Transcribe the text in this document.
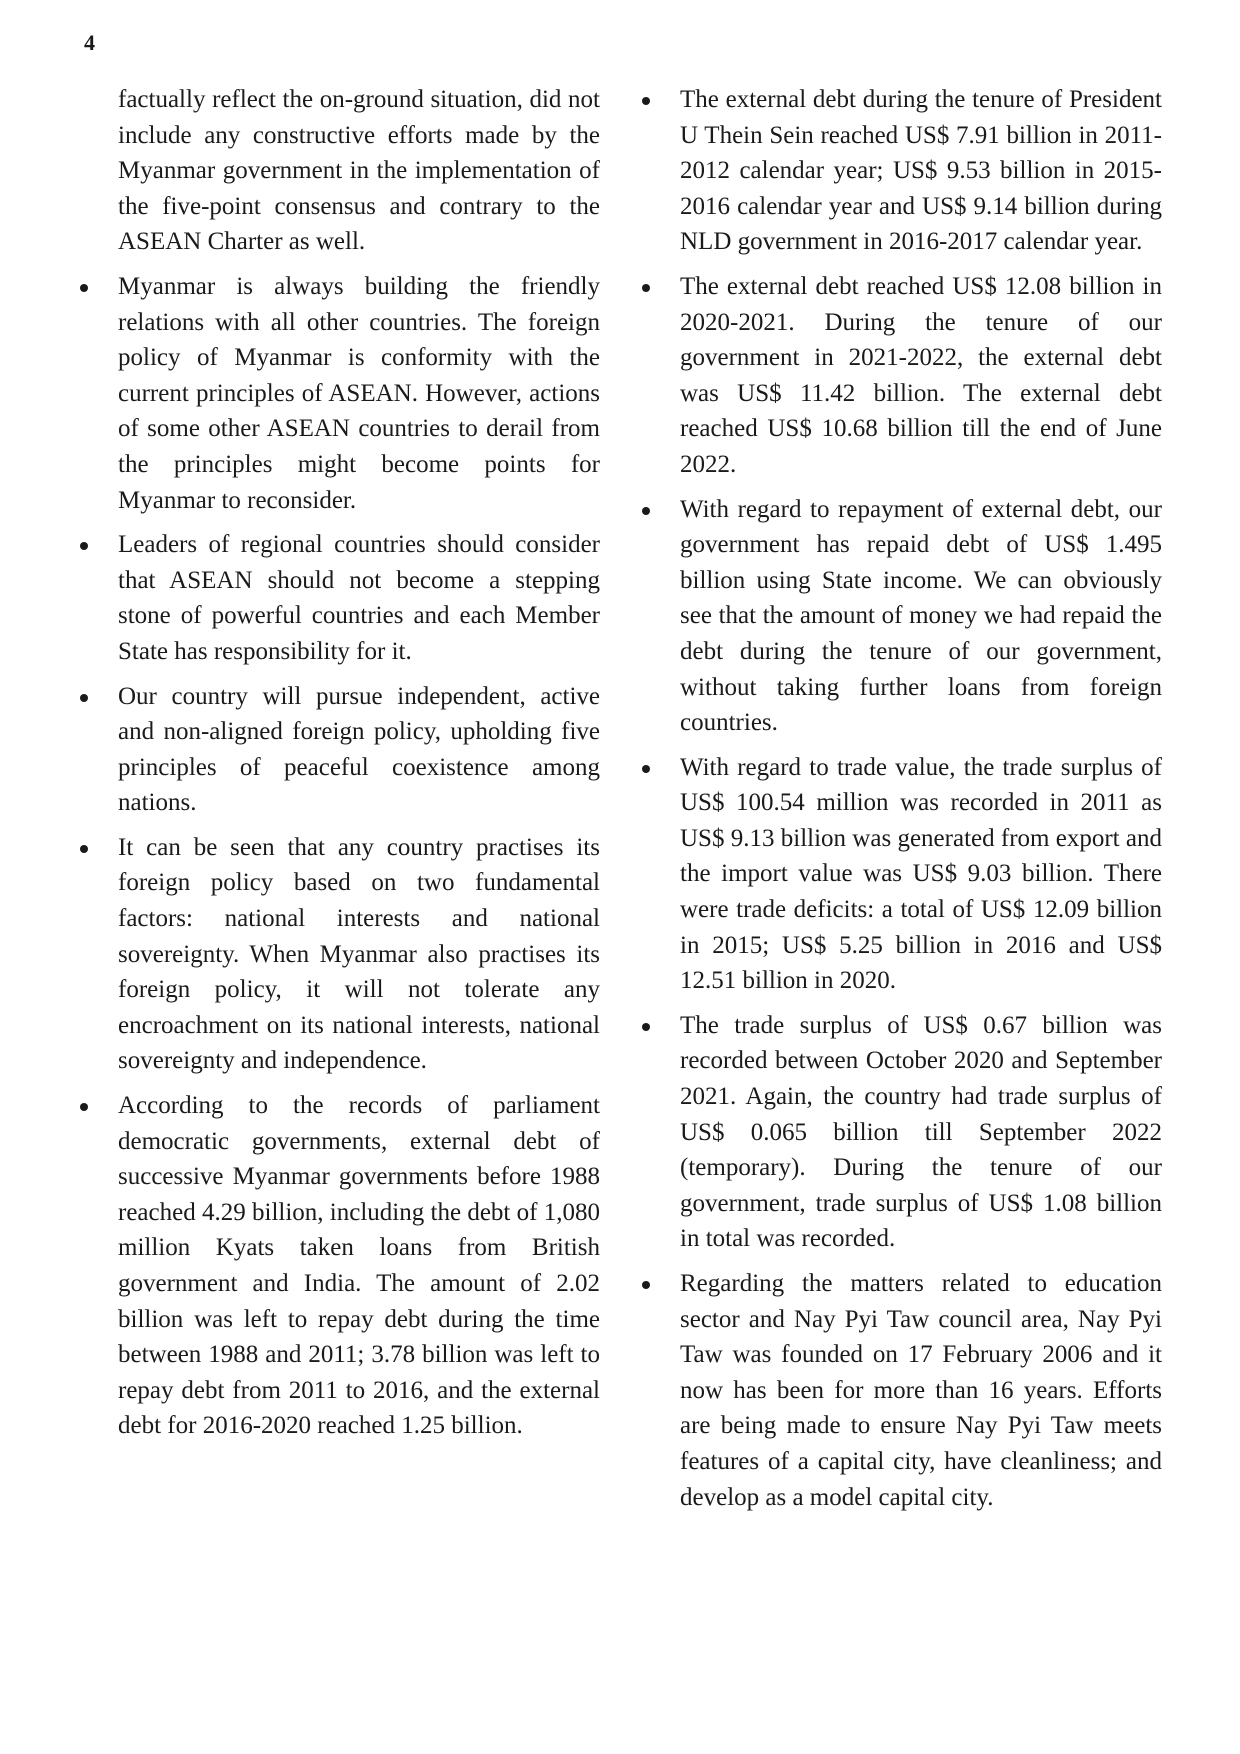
4

factually reflect the on-ground situation, did not include any constructive efforts made by the Myanmar government in the implementation of the five-point consensus and contrary to the ASEAN Charter as well.

Myanmar is always building the friendly relations with all other countries. The foreign policy of Myanmar is conformity with the current principles of ASEAN. However, actions of some other ASEAN countries to derail from the principles might become points for Myanmar to reconsider.

Leaders of regional countries should consider that ASEAN should not become a stepping stone of powerful countries and each Member State has responsibility for it.

Our country will pursue independent, active and non-aligned foreign policy, upholding five principles of peaceful coexistence among nations.

It can be seen that any country practises its foreign policy based on two fundamental factors: national interests and national sovereignty. When Myanmar also practises its foreign policy, it will not tolerate any encroachment on its national interests, national sovereignty and independence.

According to the records of parliament democratic governments, external debt of successive Myanmar governments before 1988 reached 4.29 billion, including the debt of 1,080 million Kyats taken loans from British government and India. The amount of 2.02 billion was left to repay debt during the time between 1988 and 2011; 3.78 billion was left to repay debt from 2011 to 2016, and the external debt for 2016-2020 reached 1.25 billion.

The external debt during the tenure of President U Thein Sein reached US$ 7.91 billion in 2011-2012 calendar year; US$ 9.53 billion in 2015-2016 calendar year and US$ 9.14 billion during NLD government in 2016-2017 calendar year.

The external debt reached US$ 12.08 billion in 2020-2021. During the tenure of our government in 2021-2022, the external debt was US$ 11.42 billion. The external debt reached US$ 10.68 billion till the end of June 2022.

With regard to repayment of external debt, our government has repaid debt of US$ 1.495 billion using State income. We can obviously see that the amount of money we had repaid the debt during the tenure of our government, without taking further loans from foreign countries.

With regard to trade value, the trade surplus of US$ 100.54 million was recorded in 2011 as US$ 9.13 billion was generated from export and the import value was US$ 9.03 billion. There were trade deficits: a total of US$ 12.09 billion in 2015; US$ 5.25 billion in 2016 and US$ 12.51 billion in 2020.

The trade surplus of US$ 0.67 billion was recorded between October 2020 and September 2021. Again, the country had trade surplus of US$ 0.065 billion till September 2022 (temporary). During the tenure of our government, trade surplus of US$ 1.08 billion in total was recorded.

Regarding the matters related to education sector and Nay Pyi Taw council area, Nay Pyi Taw was founded on 17 February 2006 and it now has been for more than 16 years. Efforts are being made to ensure Nay Pyi Taw meets features of a capital city, have cleanliness; and develop as a model capital city.
